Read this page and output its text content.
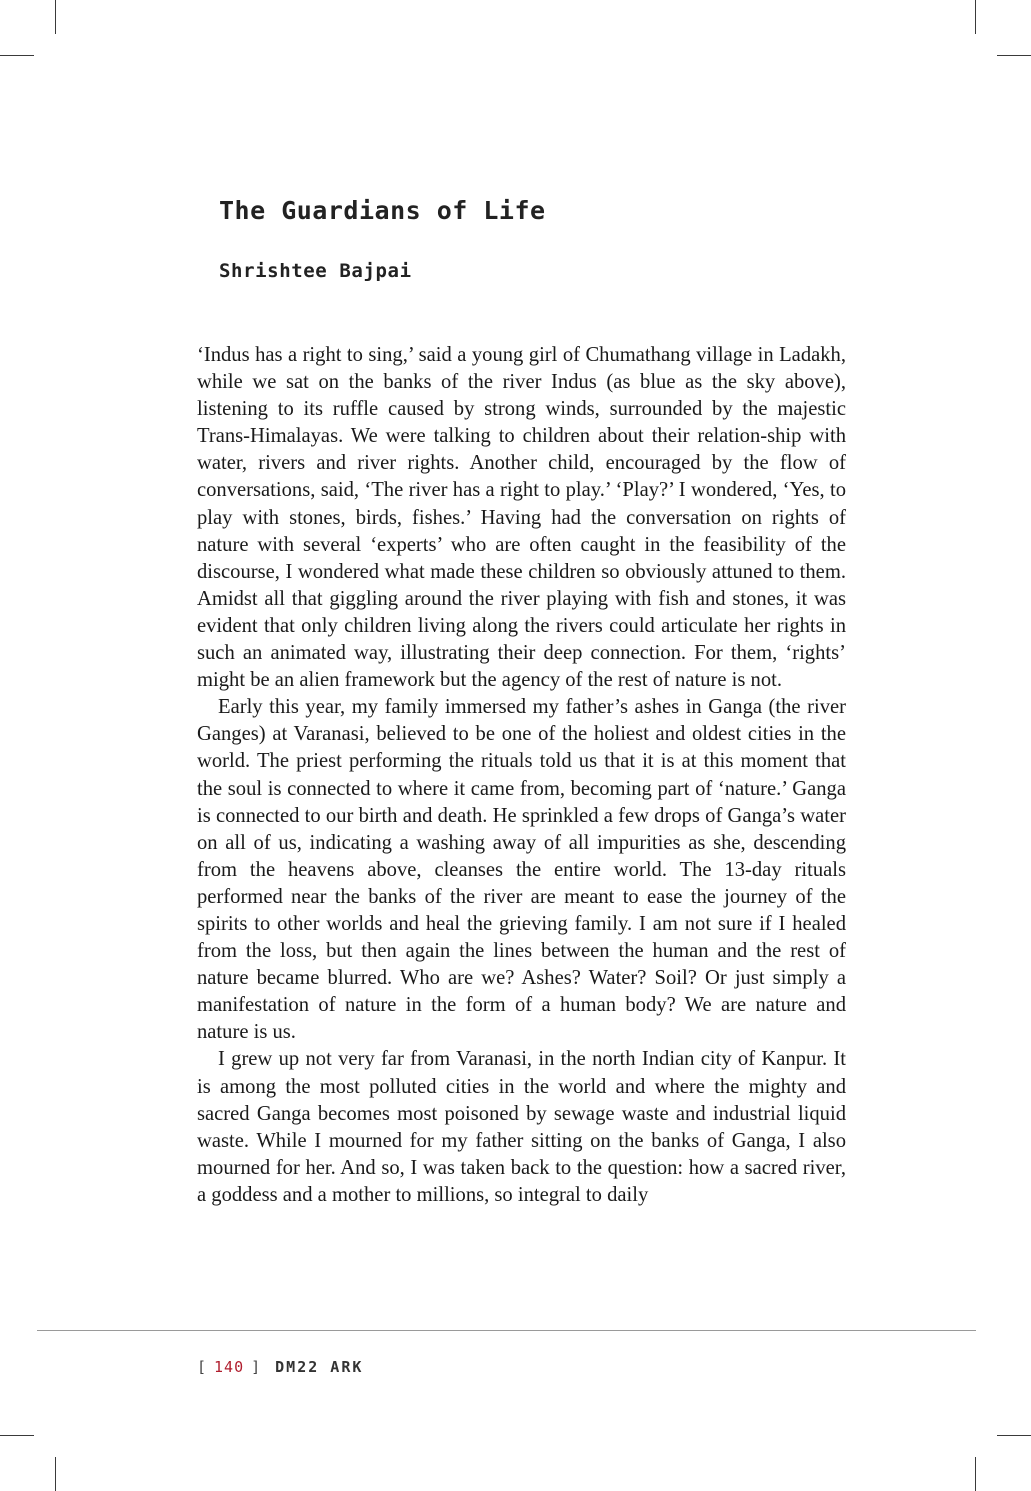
The Guardians of Life
Shrishtee Bajpai

‘Indus has a right to sing,’ said a young girl of Chumathang village in Ladakh, while we sat on the banks of the river Indus (as blue as the sky above), listening to its ruffle caused by strong winds, surrounded by the majestic Trans-Himalayas. We were talking to children about their relation-ship with water, rivers and river rights. Another child, encouraged by the flow of conversations, said, ‘The river has a right to play.’ ‘Play?’ I wondered, ‘Yes, to play with stones, birds, fishes.’ Having had the conversation on rights of nature with several ‘experts’ who are often caught in the feasibility of the discourse, I wondered what made these children so obviously attuned to them. Amidst all that giggling around the river playing with fish and stones, it was evident that only children living along the rivers could articulate her rights in such an animated way, illustrating their deep connection. For them, ‘rights’ might be an alien framework but the agency of the rest of nature is not.

Early this year, my family immersed my father’s ashes in Ganga (the river Ganges) at Varanasi, believed to be one of the holiest and oldest cities in the world. The priest performing the rituals told us that it is at this moment that the soul is connected to where it came from, becoming part of ‘nature.’ Ganga is connected to our birth and death. He sprinkled a few drops of Ganga’s water on all of us, indicating a washing away of all impurities as she, descending from the heavens above, cleanses the entire world. The 13-day rituals performed near the banks of the river are meant to ease the journey of the spirits to other worlds and heal the grieving family. I am not sure if I healed from the loss, but then again the lines between the human and the rest of nature became blurred. Who are we? Ashes? Water? Soil? Or just simply a manifestation of nature in the form of a human body? We are nature and nature is us.

I grew up not very far from Varanasi, in the north Indian city of Kanpur. It is among the most polluted cities in the world and where the mighty and sacred Ganga becomes most poisoned by sewage waste and industrial liquid waste. While I mourned for my father sitting on the banks of Ganga, I also mourned for her. And so, I was taken back to the question: how a sacred river, a goddess and a mother to millions, so integral to daily

[ 140 ] DM22 ARK
